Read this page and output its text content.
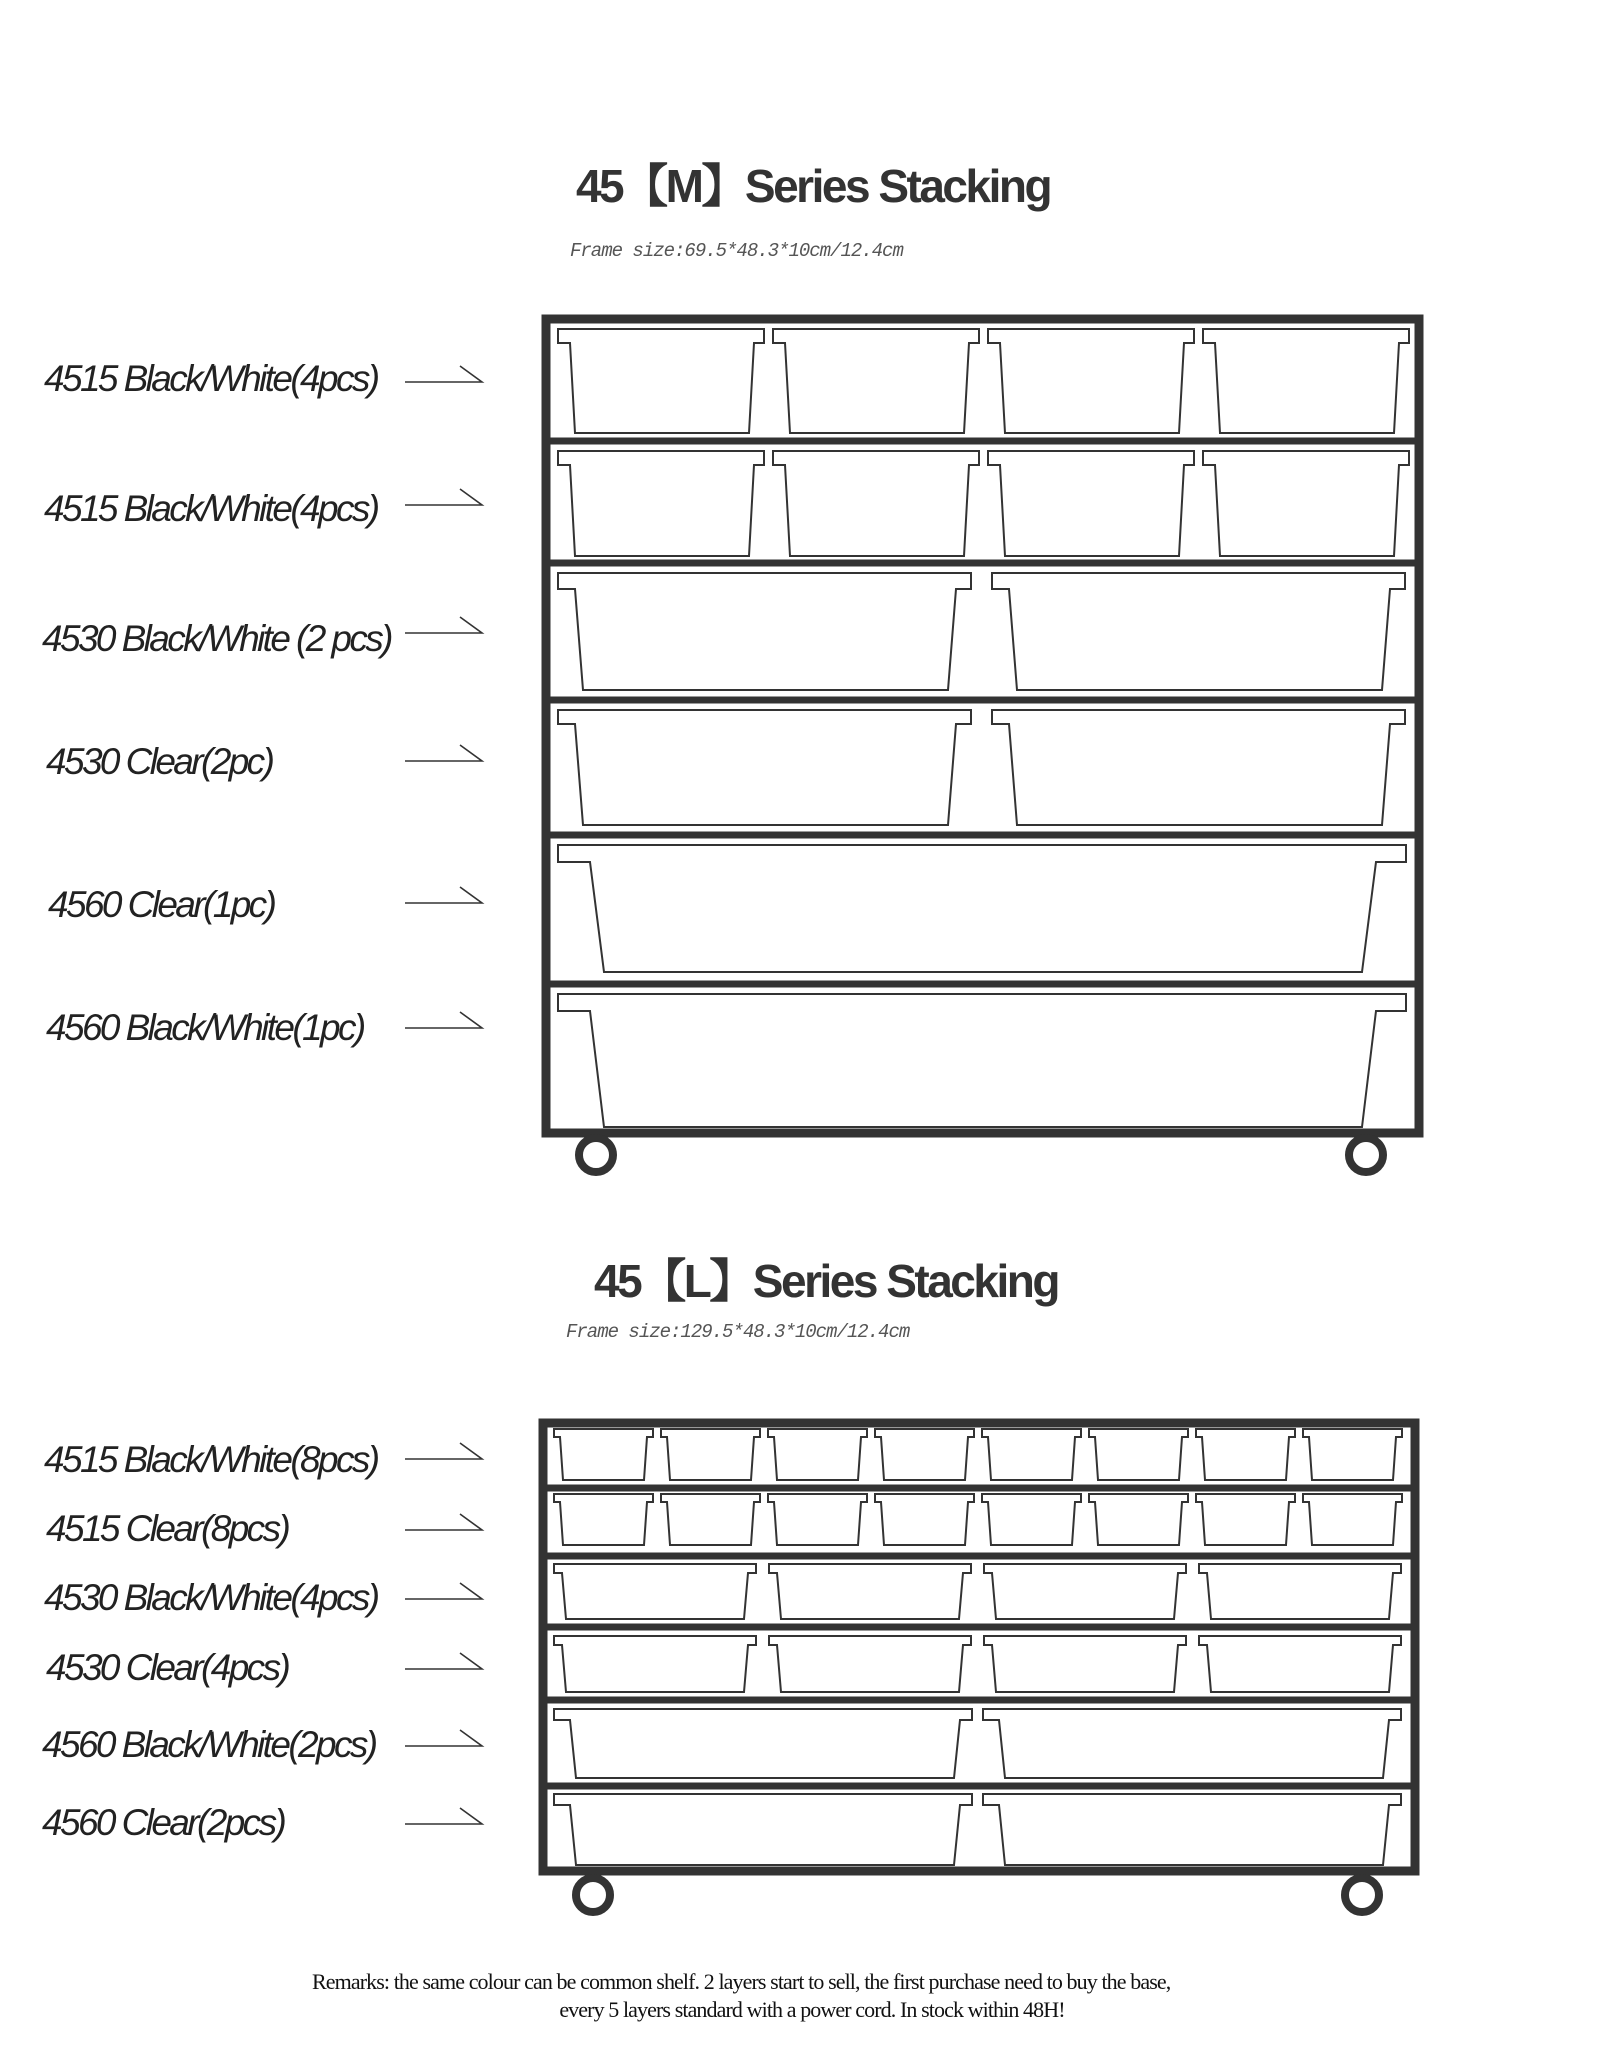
45【M】Series Stacking
Frame size:69.5*48.3*10cm/12.4cm
4515 Black/White(4pcs)
4515 Black/White(4pcs)
4530 Black/White (2 pcs)
4530 Clear(2pc)
4560 Clear(1pc)
4560 Black/White(1pc)
45【L】Series Stacking
Frame size:129.5*48.3*10cm/12.4cm
4515 Black/White(8pcs)
4515 Clear(8pcs)
4530 Black/White(4pcs)
4530 Clear(4pcs)
4560 Black/White(2pcs)
4560 Clear(2pcs)
Remarks: the same colour can be common shelf. 2 layers start to sell, the first purchase need to buy the base,
every 5 layers standard with a power cord. In stock within 48H!
